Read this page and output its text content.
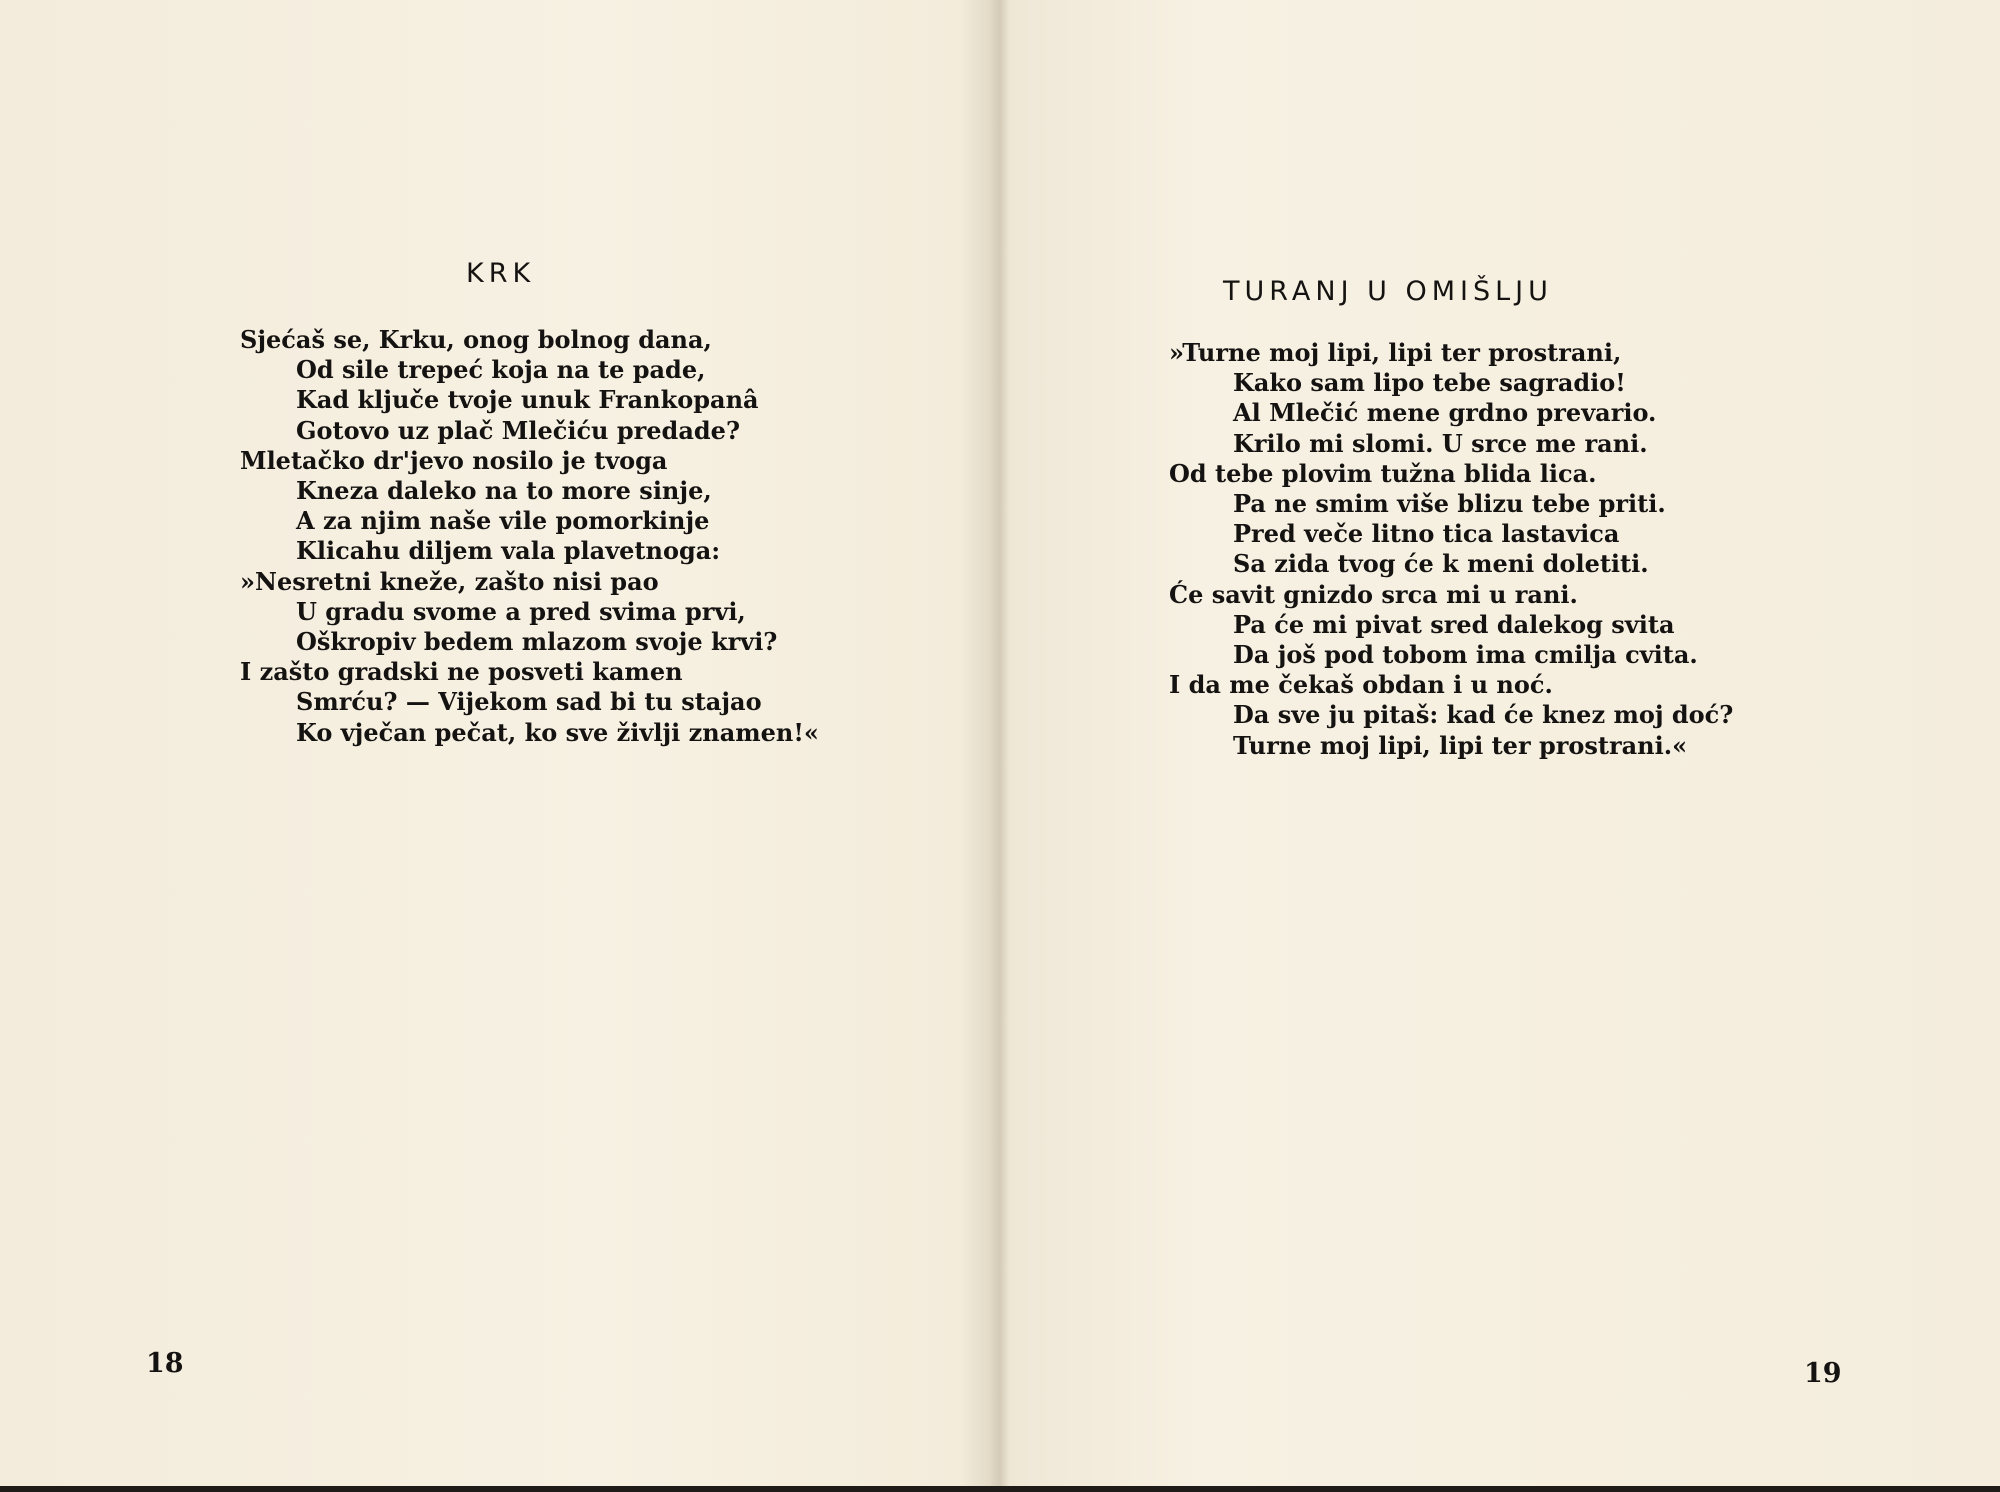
KRK
Sjećaš se, Krku, onog bolnog dana,
Od sile trepeć koja na te pade,
Kad ključe tvoje unuk Frankopanâ
Gotovo uz plač Mlečiću predade?
Mletačko dr'jevo nosilo je tvoga
Kneza daleko na to more sinje,
A za njim naše vile pomorkinje
Klicahu diljem vala plavetnoga:
»Nesretni kneže, zašto nisi pao
U gradu svome a pred svima prvi,
Oškropiv bedem mlazom svoje krvi?
I zašto gradski ne posveti kamen
Smrću? — Vijekom sad bi tu stajao
Ko vječan pečat, ko sve življi znamen!«

18

TURANJ U OMIŠLJU
»Turne moj lipi, lipi ter prostrani,
Kako sam lipo tebe sagradio!
Al Mlečić mene grdno prevario.
Krilo mi slomi. U srce me rani.
Od tebe plovim tužna blida lica.
Pa ne smim više blizu tebe priti.
Pred veče litno tica lastavica
Sa zida tvog će k meni doletiti.
Će savit gnizdo srca mi u rani.
Pa će mi pivat sred dalekog svita
Da još pod tobom ima cmilja cvita.
I da me čekaš obdan i u noć.
Da sve ju pitaš: kad će knez moj doć?
Turne moj lipi, lipi ter prostrani.«

19
